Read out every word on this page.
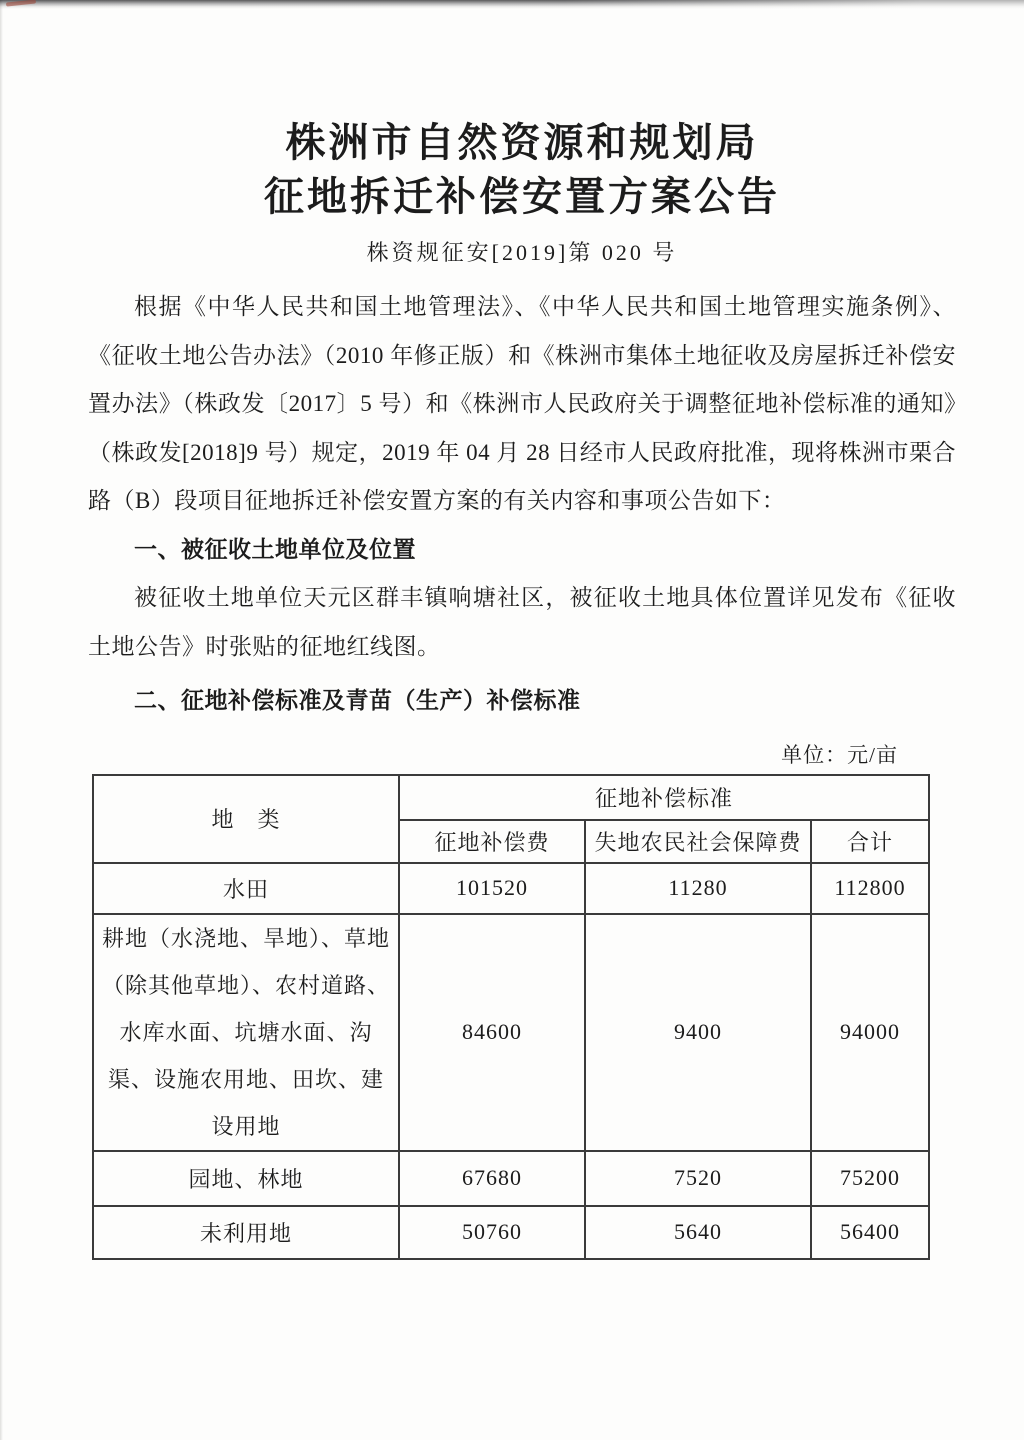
株洲市自然资源和规划局
征地拆迁补偿安置方案公告
株资规征安[2019]第 020 号

根据《中华人民共和国土地管理法》、《中华人民共和国土地管理实施条例》、《征收土地公告办法》（2010 年修正版）和《株洲市集体土地征收及房屋拆迁补偿安置办法》（株政发〔2017〕5 号）和《株洲市人民政府关于调整征地补偿标准的通知》（株政发[2018]9 号）规定，2019 年 04 月 28 日经市人民政府批准，现将株洲市栗合路（B）段项目征地拆迁补偿安置方案的有关内容和事项公告如下：

一、被征收土地单位及位置

被征收土地单位天元区群丰镇响塘社区，被征收土地具体位置详见发布《征收土地公告》时张贴的征地红线图。

二、征地补偿标准及青苗（生产）补偿标准
单位：元/亩
地　类	征地补偿标准		
	征地补偿费	失地农民社会保障费	合计
水田	101520	11280	112800
耕地（水浇地、旱地）、草地（除其他草地）、农村道路、水库水面、坑塘水面、沟渠、设施农用地、田坎、建设用地	84600	9400	94000
园地、林地	67680	7520	75200
未利用地	50760	5640	56400
